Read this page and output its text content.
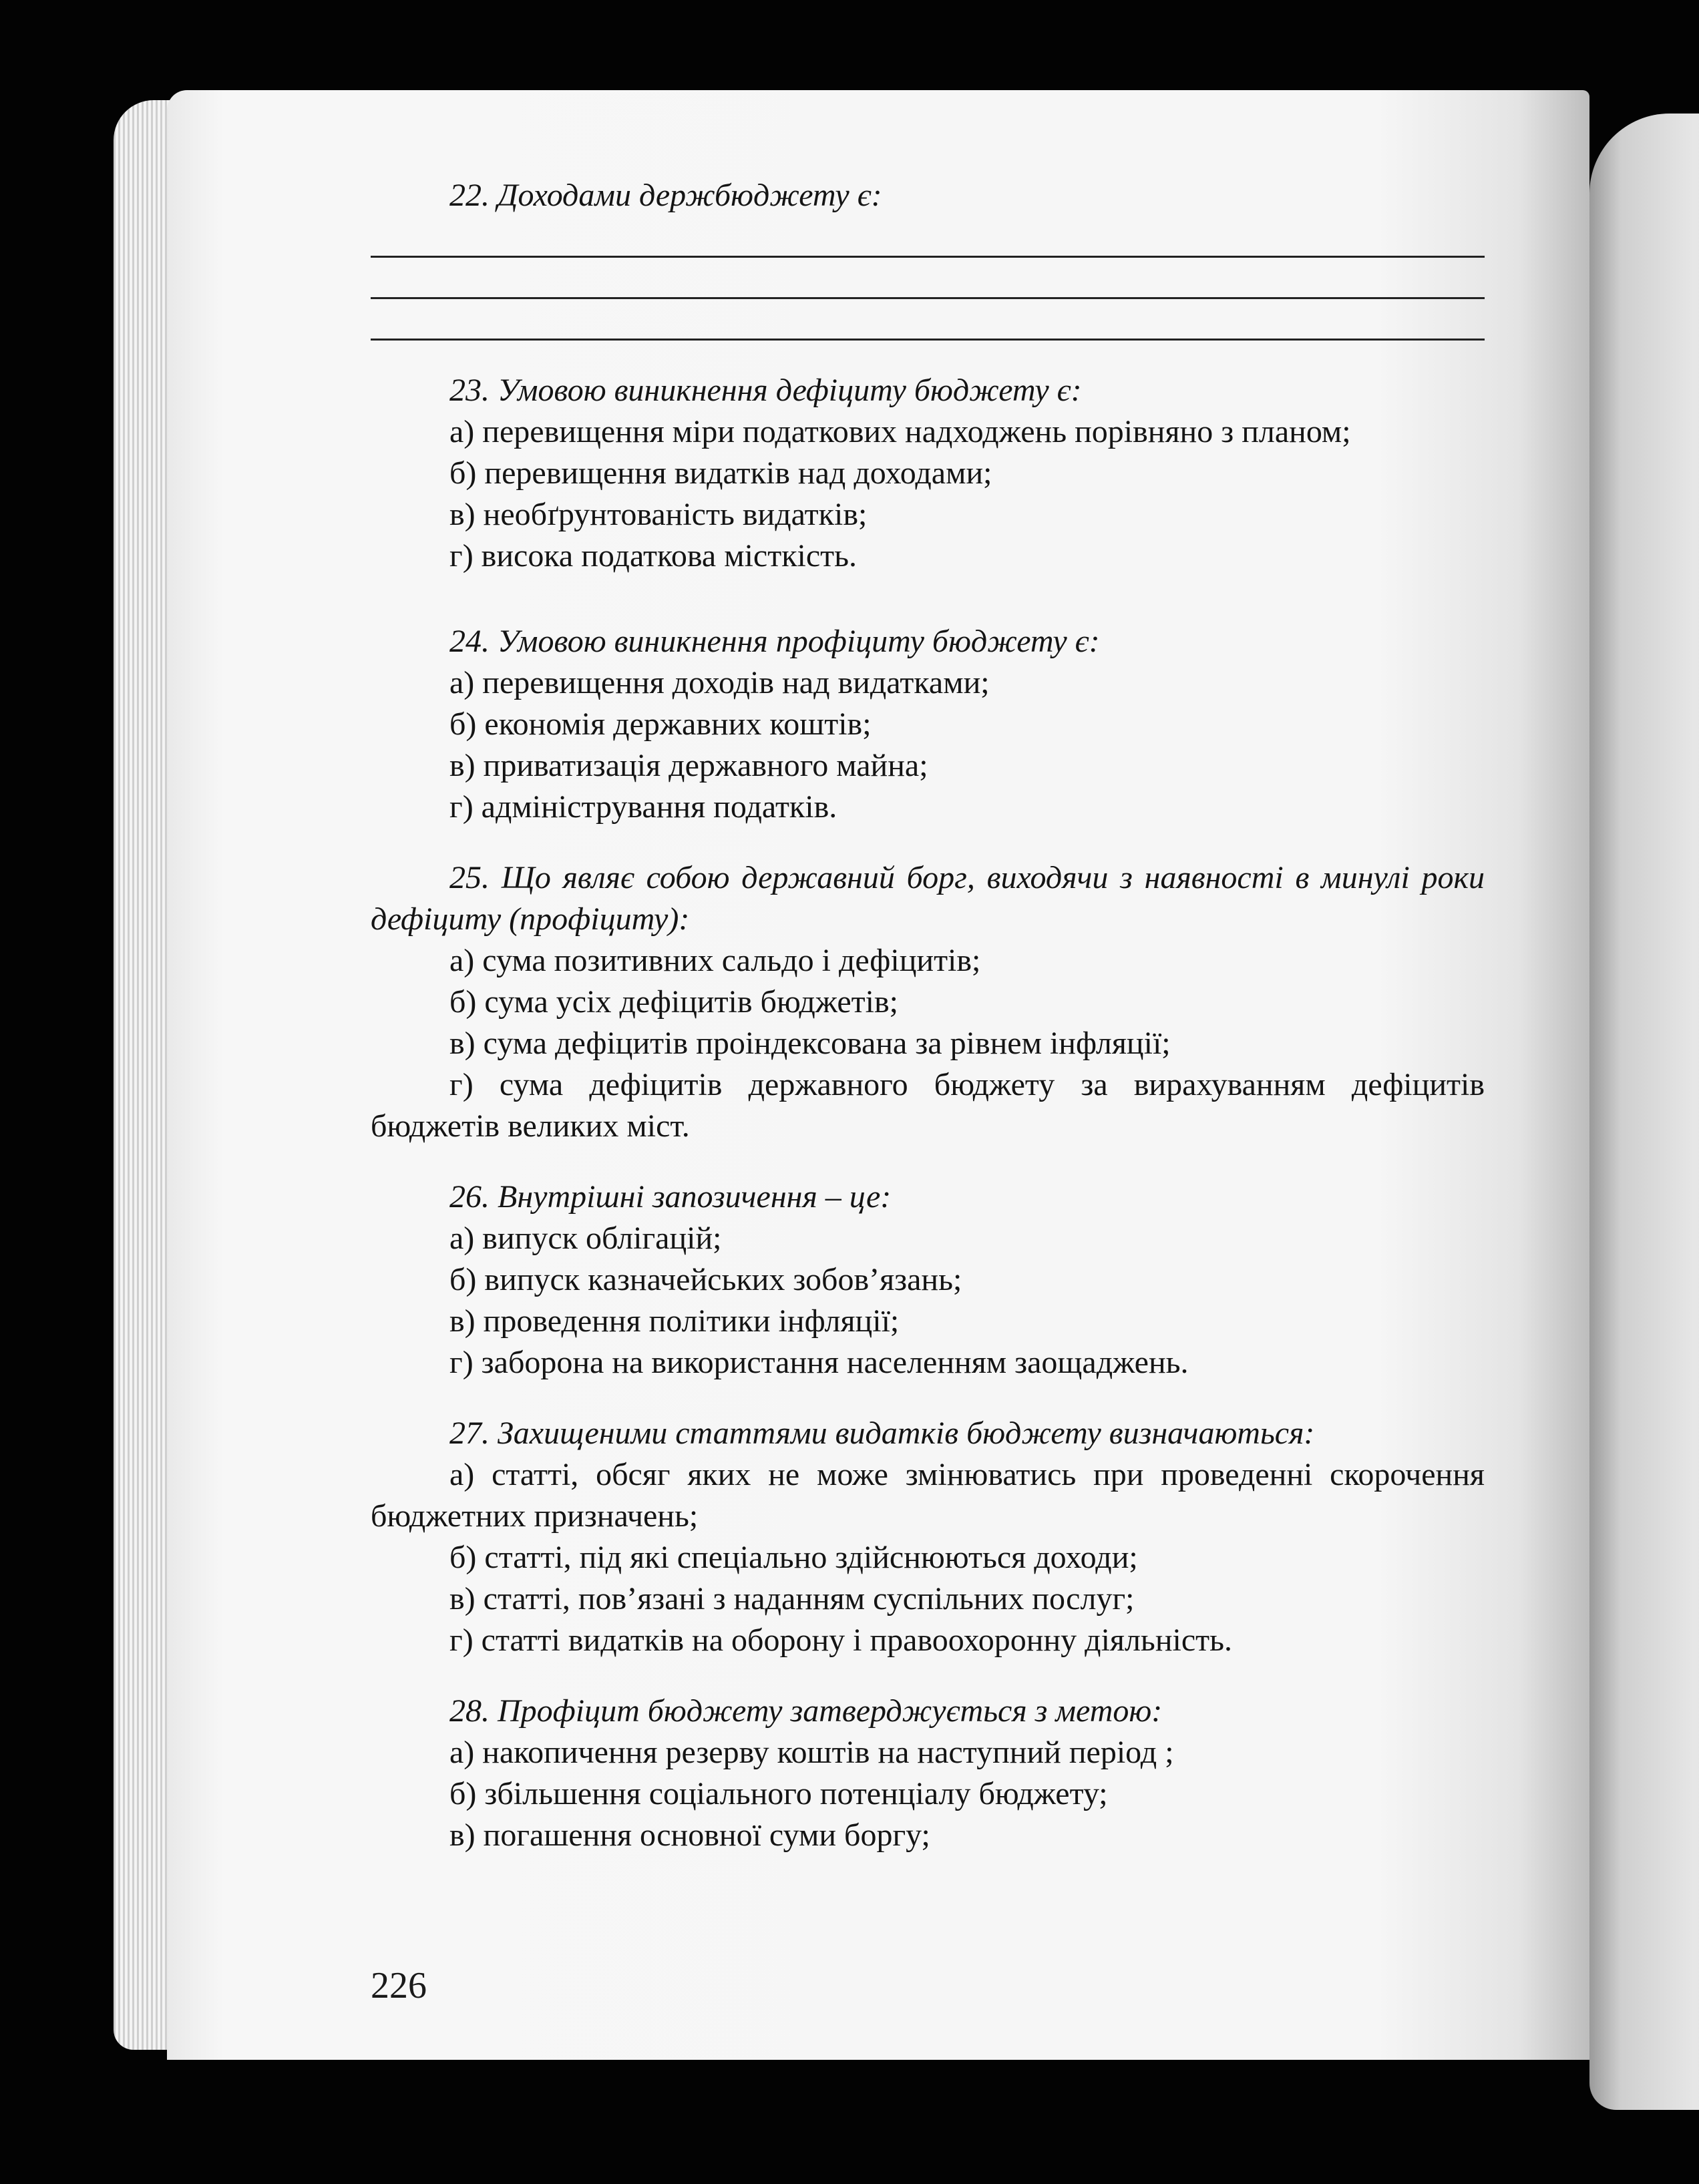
22. Доходами держбюджету є:

23. Умовою виникнення дефіциту бюджету є:

а) перевищення міри податкових надходжень порівняно з планом;

б) перевищення видатків над доходами;

в) необґрунтованість видатків;

г) висока податкова місткість.

24. Умовою виникнення профіциту бюджету є:

а) перевищення доходів над видатками;

б) економія державних коштів;

в) приватизація державного майна;

г) адміністрування податків.

25. Що являє собою державний борг, виходячи з наявності в минулі роки дефіциту (профіциту):

а) сума позитивних сальдо і дефіцитів;

б) сума усіх дефіцитів бюджетів;

в) сума дефіцитів проіндексована за рівнем інфляції;

г) сума дефіцитів державного бюджету за вирахуванням дефіцитів бюджетів великих міст.

26. Внутрішні запозичення – це:

а) випуск облігацій;

б) випуск казначейських зобов’язань;

в) проведення політики інфляції;

г) заборона на використання населенням заощаджень.

27. Захищеними статтями видатків бюджету визначаються:

а) статті, обсяг яких не може змінюватись при проведенні скорочення бюджетних призначень;

б) статті, під які спеціально здійснюються доходи;

в) статті, пов’язані з наданням суспільних послуг;

г) статті видатків на оборону і правоохоронну діяльність.

28. Профіцит бюджету затверджується з метою:

а) накопичення резерву коштів на наступний період ;

б) збільшення соціального потенціалу бюджету;

в) погашення основної суми боргу;

226
